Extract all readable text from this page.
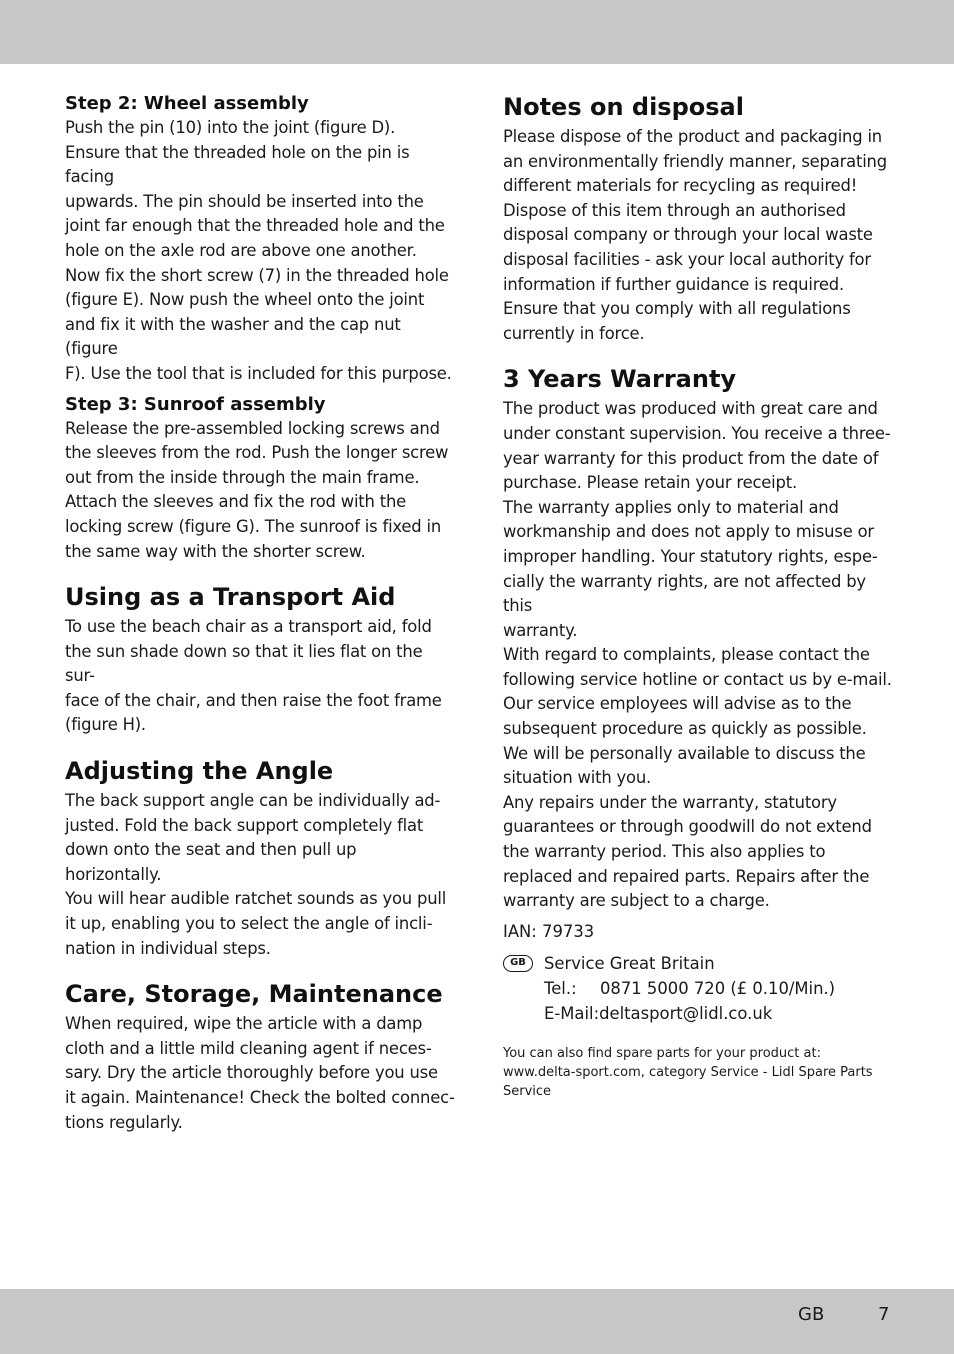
Step 2: Wheel assembly

Push the pin (10) into the joint (figure D).
Ensure that the threaded hole on the pin is facing
upwards. The pin should be inserted into the
joint far enough that the threaded hole and the
hole on the axle rod are above one another.
Now fix the short screw (7) in the threaded hole
(figure E). Now push the wheel onto the joint
and fix it with the washer and the cap nut (figure
F). Use the tool that is included for this purpose.

Step 3: Sunroof assembly

Release the pre-assembled locking screws and
the sleeves from the rod. Push the longer screw
out from the inside through the main frame.
Attach the sleeves and fix the rod with the
locking screw (figure G). The sunroof is fixed in
the same way with the shorter screw.

Using as a Transport Aid

To use the beach chair as a transport aid, fold
the sun shade down so that it lies flat on the sur-
face of the chair, and then raise the foot frame
(figure H).

Adjusting the Angle

The back support angle can be individually ad-
justed. Fold the back support completely flat
down onto the seat and then pull up horizontally.
You will hear audible ratchet sounds as you pull
it up, enabling you to select the angle of incli-
nation in individual steps.

Care, Storage, Maintenance

When required, wipe the article with a damp
cloth and a little mild cleaning agent if neces-
sary. Dry the article thoroughly before you use
it again. Maintenance! Check the bolted connec-
tions regularly.

Notes on disposal

Please dispose of the product and packaging in
an environmentally friendly manner, separating
different materials for recycling as required!
Dispose of this item through an authorised
disposal company or through your local waste
disposal facilities - ask your local authority for
information if further guidance is required.
Ensure that you comply with all regulations
currently in force.

3 Years Warranty

The product was produced with great care and
under constant supervision. You receive a three-
year warranty for this product from the date of
purchase. Please retain your receipt.
The warranty applies only to material and
workmanship and does not apply to misuse or
improper handling. Your statutory rights, espe-
cially the warranty rights, are not affected by this
warranty.
With regard to complaints, please contact the
following service hotline or contact us by e-mail.
Our service employees will advise as to the
subsequent procedure as quickly as possible.
We will be personally available to discuss the
situation with you.
Any repairs under the warranty, statutory
guarantees or through goodwill do not extend
the warranty period. This also applies to
replaced and repaired parts. Repairs after the
warranty are subject to a charge.

IAN: 79733

GB	Service Great Britain

Tel.:	0871 5000 720 (£ 0.10/Min.)

E-Mail:deltasport@lidl.co.uk

You can also find spare parts for your product at:
www.delta-sport.com, category Service - Lidl Spare Parts
Service

GB	7
